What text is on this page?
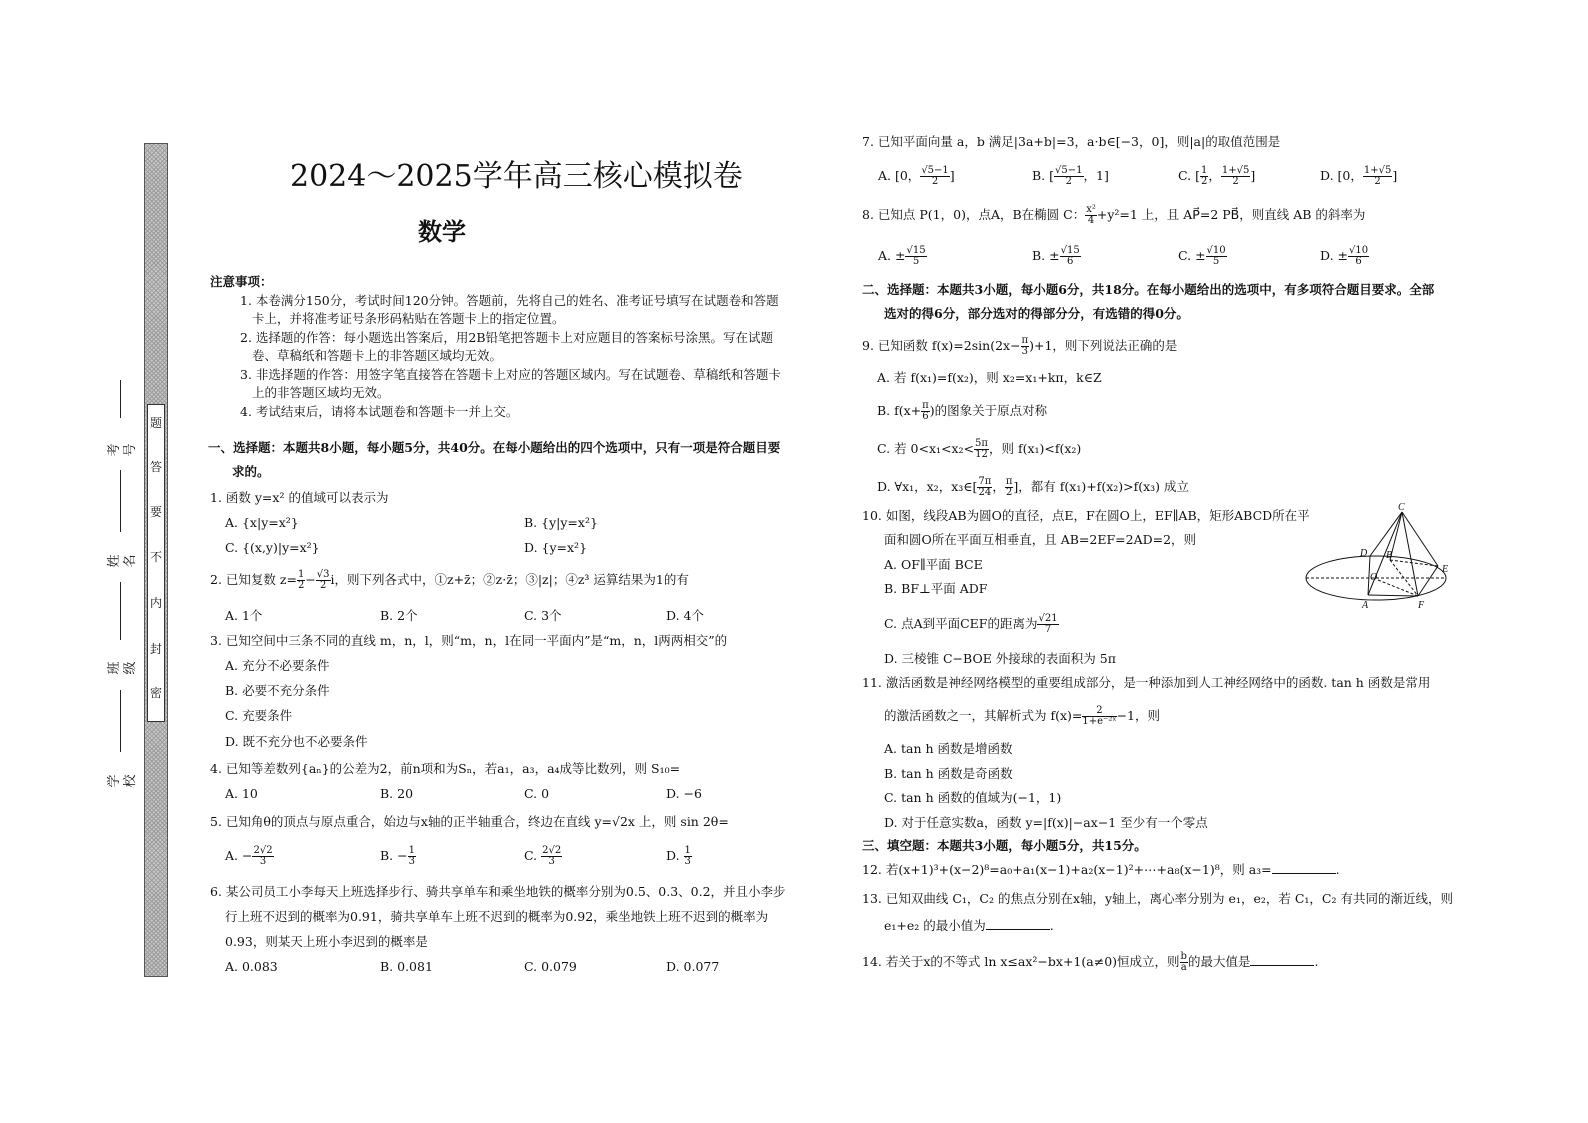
题
答
要
不
内
封
密
考号
姓名
班级
学校
2024～2025学年高三核心模拟卷
数学
注意事项：
1. 本卷满分150分，考试时间120分钟。答题前，先将自己的姓名、准考证号填写在试题卷和答题
卡上，并将准考证号条形码粘贴在答题卡上的指定位置。
2. 选择题的作答：每小题选出答案后，用2B铅笔把答题卡上对应题目的答案标号涂黑。写在试题
卷、草稿纸和答题卡上的非答题区域均无效。
3. 非选择题的作答：用签字笔直接答在答题卡上对应的答题区域内。写在试题卷、草稿纸和答题卡
上的非答题区域均无效。
4. 考试结束后，请将本试题卷和答题卡一并上交。
一、选择题：本题共8小题，每小题5分，共40分。在每小题给出的四个选项中，只有一项是符合题目要
求的。
1. 函数 y=x² 的值域可以表示为
A. {x|y=x²}	B. {y|y=x²}
C. {(x,y)|y=x²}	D. {y=x²}
2. 已知复数 $z= \frac{1}{2} - \frac{√3}{2}$ i，则下列各式中，①z+z̄；②z·z̄；③|z|；④z³ 运算结果为1的有
A. 1个	B. 2个	C. 3个	D. 4个
3. 已知空间中三条不同的直线 m，n，l，则“m，n，l在同一平面内”是“m，n，l两两相交”的
A. 充分不必要条件
B. 必要不充分条件
C. 充要条件
D. 既不充分也不必要条件
4. 已知等差数列{aₙ}的公差为2，前n项和为Sₙ，若a₁，a₃，a₄成等比数列，则 S₁₀=
A. 10	B. 20	C. 0	D. −6
5. 已知角θ的顶点与原点重合，始边与x轴的正半轴重合，终边在直线 y=√2x 上，则 sin 2θ=
A. − $\frac{2√2}{3}$	B. − $\frac{1}{3}$	C. $\frac{2√2}{3}$	D. $\frac{1}{3}$
6. 某公司员工小李每天上班选择步行、骑共享单车和乘坐地铁的概率分别为0.5、0.3、0.2，并且小李步
行上班不迟到的概率为0.91，骑共享单车上班不迟到的概率为0.92，乘坐地铁上班不迟到的概率为
0.93，则某天上班小李迟到的概率是
A. 0.083	B. 0.081	C. 0.079	D. 0.077
7. 已知平面向量 a，b 满足|3a+b|=3，a·b∈[−3，0]，则|a|的取值范围是
A. [0， $\frac{√5-1}{2}$ ]	B. [ $\frac{√5-1}{2}$ ，1]	C. [ $\frac{1}{2}$ ， $\frac{1+√5}{2}$ ]	D. [0， $\frac{1+√5}{2}$ ]
8. 已知点 P(1，0)，点A，B在椭圆 C： $\frac{\text{x²}}{4} +y^2=1$ 上，且 AP⃗=2 PB⃗，则直线 AB 的斜率为
A. ± $\frac{√15}{5}$	B. ± $\frac{√15}{6}$	C. ± $\frac{√10}{5}$	D. ± $\frac{√10}{6}$
二、选择题：本题共3小题，每小题6分，共18分。在每小题给出的选项中，有多项符合题目要求。全部
选对的得6分，部分选对的得部分分，有选错的得0分。
9. 已知函数 $f(x)=2\sin(2x- \frac{\pi}{3} )+1$，则下列说法正确的是
A. 若 f(x₁)=f(x₂)，则 x₂=x₁+kπ，k∈Z
B. $f(x+ \frac{\pi}{6}$ )的图象关于原点对称
C. 若 $0<x_1<x_2< \frac{5\pi}{12}$ ，则 f(x₁)<f(x₂)
D. ∀x₁，x₂，x₃∈[ $\frac{7\pi}{24}$ ， $\frac{\pi}{2}$ ]，都有 f(x₁)+f(x₂)>f(x₃) 成立
10. 如图，线段AB为圆O的直径，点E，F在圆O上，EF∥AB，矩形ABCD所在平
面和圆O所在平面互相垂直，且 AB=2EF=2AD=2，则
A. OF∥平面 BCE
B. BF⊥平面 ADF
C. 点A到平面CEF的距离为 $\frac{√21}{7}$
D. 三棱锥 C−BOE 外接球的表面积为 5π
C
D B
O
E
A	F
11. 激活函数是神经网络模型的重要组成部分，是一种添加到人工神经网络中的函数. tan h 函数是常用
的激活函数之一，其解析式为 $f(x)= \frac{2}{\text{1+e⁻²ˣ}} -1$，则
A. tan h 函数是增函数
B. tan h 函数是奇函数
C. tan h 函数的值域为(−1，1)
D. 对于任意实数a，函数 y=|f(x)|−ax−1 至少有一个零点
三、填空题：本题共3小题，每小题5分，共15分。
12. 若(x+1)³+(x−2)⁸=a₀+a₁(x−1)+a₂(x−1)²+⋯+a₈(x−1)⁸，则 a₃=	.
13. 已知双曲线 C₁，C₂ 的焦点分别在x轴，y轴上，离心率分别为 e₁，e₂，若 C₁，C₂ 有共同的渐近线，则
e₁+e₂ 的最小值为	.
14. 若关于x的不等式 ln x≤ax²−bx+1(a≠0)恒成立，则 $\frac{b}{a}$ 的最大值是	.
